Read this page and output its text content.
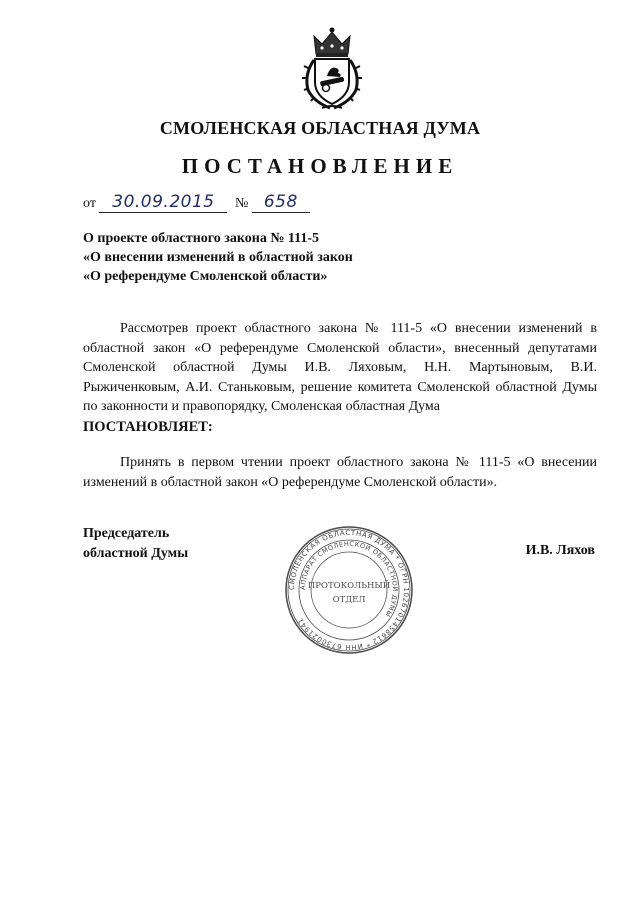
СМОЛЕНСКАЯ ОБЛАСТНАЯ ДУМА
ПОСТАНОВЛЕНИЕ
от 30.09.2015 № 658
О проекте областного закона № 111-5
«О внесении изменений в областной закон
«О референдуме Смоленской области»
Рассмотрев проект областного закона № 111-5 «О внесении изменений в областной закон «О референдуме Смоленской области», внесенный депутатами Смоленской областной Думы И.В. Ляховым, Н.Н. Мартыновым, В.И. Рыжиченковым, А.И. Станьковым, решение комитета Смоленской областной Думы по законности и правопорядку, Смоленская областная Дума
ПОСТАНОВЛЯЕТ:
Принять в первом чтении проект областного закона № 111-5 «О внесении изменений в областной закон «О референдуме Смоленской области».
Председатель
областной Думы
СМОЛЕНСКАЯ ОБЛАСТНАЯ ДУМА * ОГРН 1026701458612 * ИНН 6730021941
АППАРАТ СМОЛЕНСКОЙ ОБЛАСТНОЙ ДУМЫ
ПРОТОКОЛЬНЫЙ
ОТДЕЛ
И.В. Ляхов
